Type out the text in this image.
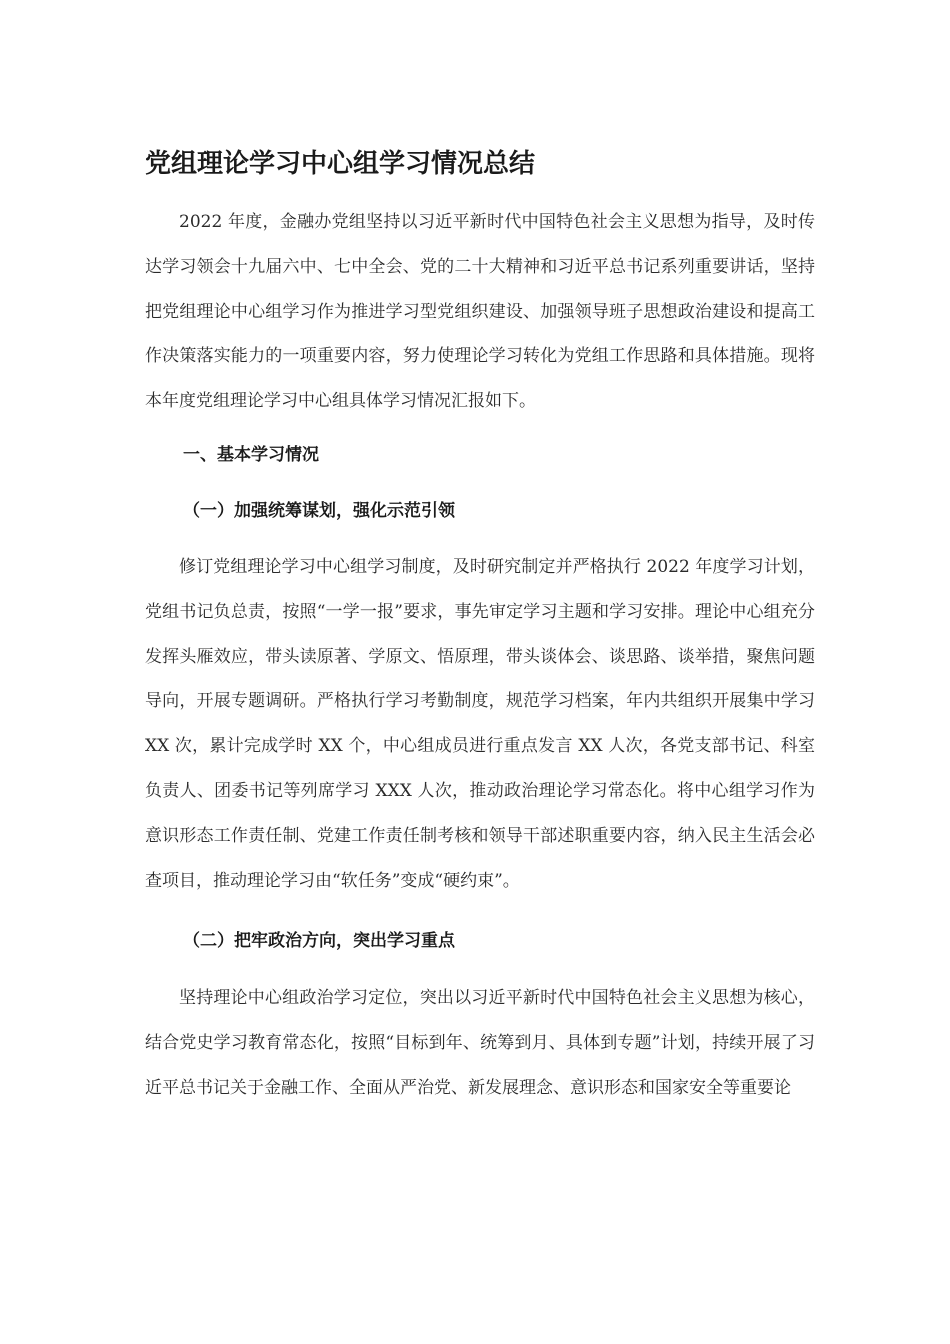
党组理论学习中心组学习情况总结

2022 年度，金融办党组坚持以习近平新时代中国特色社会主义思想为指导，及时传达学习领会十九届六中、七中全会、党的二十大精神和习近平总书记系列重要讲话，坚持把党组理论中心组学习作为推进学习型党组织建设、加强领导班子思想政治建设和提高工作决策落实能力的一项重要内容，努力使理论学习转化为党组工作思路和具体措施。现将本年度党组理论学习中心组具体学习情况汇报如下。

一、基本学习情况
（一）加强统筹谋划，强化示范引领

修订党组理论学习中心组学习制度，及时研究制定并严格执行 2022 年度学习计划，党组书记负总责，按照“一学一报”要求，事先审定学习主题和学习安排。理论中心组充分发挥头雁效应，带头读原著、学原文、悟原理，带头谈体会、谈思路、谈举措，聚焦问题导向，开展专题调研。严格执行学习考勤制度，规范学习档案，年内共组织开展集中学习 XX 次，累计完成学时 XX 个，中心组成员进行重点发言 XX 人次，各党支部书记、科室负责人、团委书记等列席学习 XXX 人次，推动政治理论学习常态化。将中心组学习作为意识形态工作责任制、党建工作责任制考核和领导干部述职重要内容，纳入民主生活会必查项目，推动理论学习由“软任务”变成“硬约束”。

（二）把牢政治方向，突出学习重点

坚持理论中心组政治学习定位，突出以习近平新时代中国特色社会主义思想为核心，结合党史学习教育常态化，按照“目标到年、统筹到月、具体到专题”计划，持续开展了习近平总书记关于金融工作、全面从严治党、新发展理念、意识形态和国家安全等重要论
